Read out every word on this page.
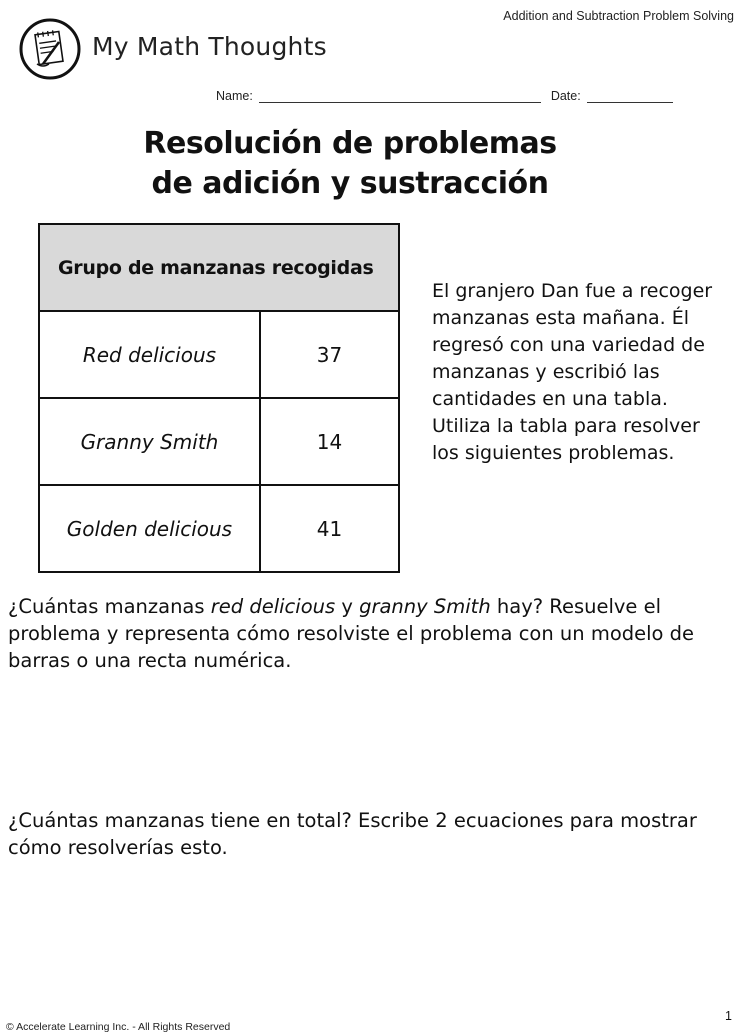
Addition and Subtraction Problem Solving
My Math Thoughts
Name:	Date:
Resolución de problemas
de adición y sustracción
Grupo de manzanas recogidas	
Red delicious	37
Granny Smith	14
Golden delicious	41
El granjero Dan fue a recoger manzanas esta mañana. Él regresó con una variedad de manzanas y escribió las cantidades en una tabla. Utiliza la tabla para resolver los siguientes problemas.
¿Cuántas manzanas red delicious y granny Smith hay? Resuelve el problema y representa cómo resolviste el problema con un modelo de barras o una recta numérica.
¿Cuántas manzanas tiene en total? Escribe 2 ecuaciones para mostrar cómo resolverías esto.
1
© Accelerate Learning Inc. - All Rights Reserved
